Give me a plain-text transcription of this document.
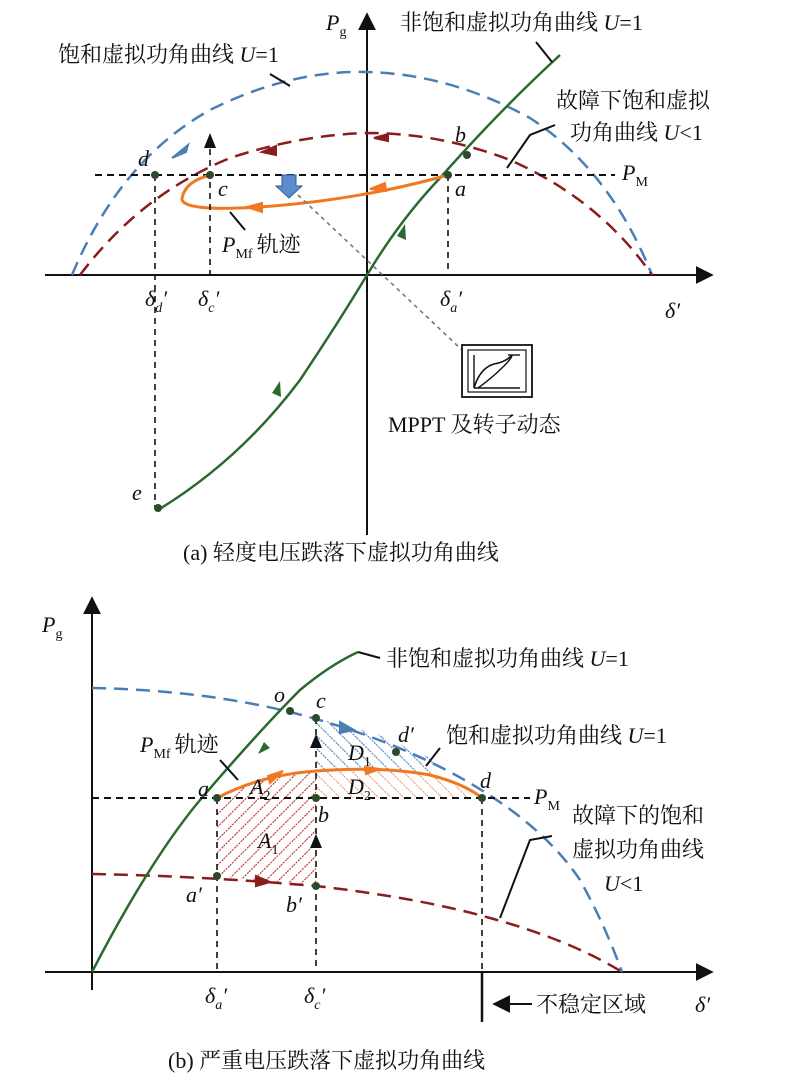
$P_g$
δ′
$P_M$
a
b
c
d
e
$\delta_d'$ $\delta_c'$	$\delta_a'$
非饱和虚拟功角曲线 U=1
饱和虚拟功角曲线 U=1
故障下饱和虚拟
功角曲线 U<1
$P_{Mf}$ 轨迹
MPPT 及转子动态
(a) 轻度电压跌落下虚拟功角曲线
$P_g$
δ′
$P_M$
o c
d′
a
b
d
a′	b′
$A_2$
$A_1$
$D_1$
$D_2$
$\delta_a'$	$\delta_c'$
非饱和虚拟功角曲线 U=1
饱和虚拟功角曲线 U=1
$P_{Mf}$ 轨迹
故障下的饱和
虚拟功角曲线
U<1
不稳定区域
(b) 严重电压跌落下虚拟功角曲线
